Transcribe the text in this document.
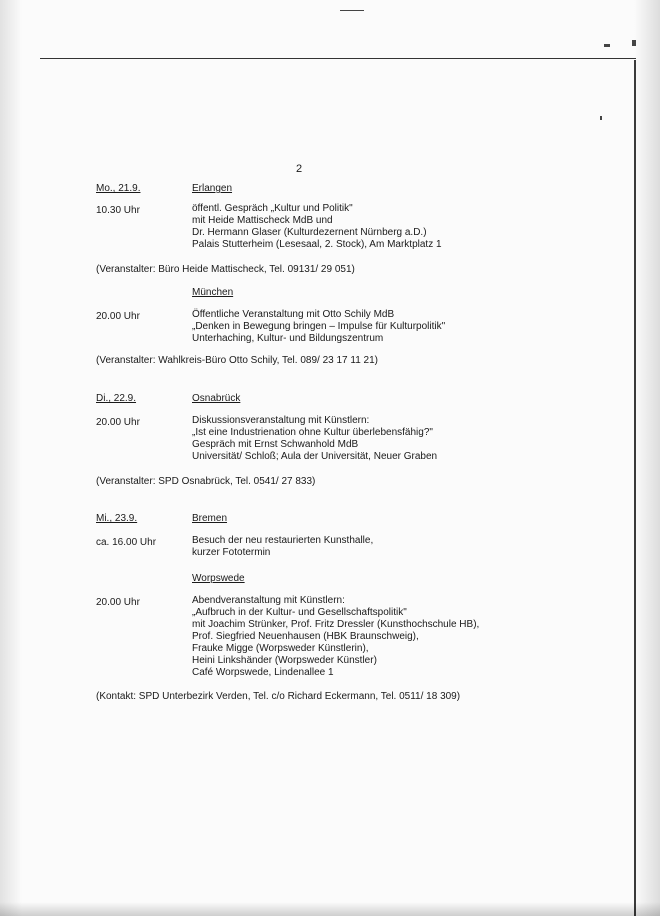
2
Mo., 21.9.	Erlangen
10.30 Uhr	öffentl. Gespräch „Kultur und Politik"
mit Heide Mattischeck MdB und
Dr. Hermann Glaser (Kulturdezernent Nürnberg a.D.)
Palais Stutterheim (Lesesaal, 2. Stock), Am Marktplatz 1
(Veranstalter: Büro Heide Mattischeck, Tel. 09131/ 29 051)
München
20.00 Uhr	Öffentliche Veranstaltung mit Otto Schily MdB
„Denken in Bewegung bringen – Impulse für Kulturpolitik"
Unterhaching, Kultur- und Bildungszentrum
(Veranstalter: Wahlkreis-Büro Otto Schily, Tel. 089/ 23 17 11 21)
Di., 22.9.	Osnabrück
20.00 Uhr	Diskussionsveranstaltung mit Künstlern:
„Ist eine Industrienation ohne Kultur überlebensfähig?"
Gespräch mit Ernst Schwanhold MdB
Universität/ Schloß; Aula der Universität, Neuer Graben
(Veranstalter: SPD Osnabrück, Tel. 0541/ 27 833)
Mi., 23.9.	Bremen
ca. 16.00 Uhr	Besuch der neu restaurierten Kunsthalle,
kurzer Fototermin
Worpswede
20.00 Uhr	Abendveranstaltung mit Künstlern:
„Aufbruch in der Kultur- und Gesellschaftspolitik"
mit Joachim Strünker, Prof. Fritz Dressler (Kunsthochschule HB),
Prof. Siegfried Neuenhausen (HBK Braunschweig),
Frauke Migge (Worpsweder Künstlerin),
Heini Linkshänder (Worpsweder Künstler)
Café Worpswede, Lindenallee 1
(Kontakt: SPD Unterbezirk Verden, Tel. c/o Richard Eckermann, Tel. 0511/ 18 309)
